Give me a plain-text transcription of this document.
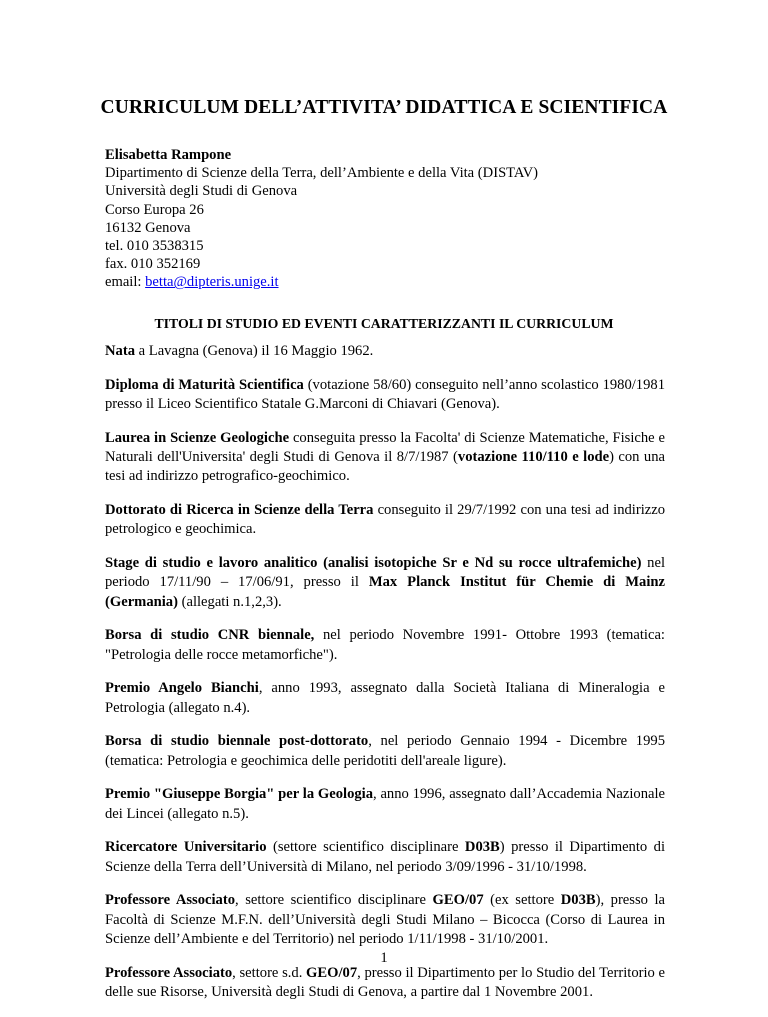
CURRICULUM DELL’ATTIVITA’ DIDATTICA E SCIENTIFICA
Elisabetta Rampone
Dipartimento di Scienze della Terra, dell’Ambiente e della Vita (DISTAV)
Università degli Studi di Genova
Corso Europa 26
16132 Genova
tel. 010 3538315
fax. 010 352169
email: betta@dipteris.unige.it
TITOLI DI STUDIO ED EVENTI CARATTERIZZANTI IL CURRICULUM

Nata a Lavagna (Genova) il 16 Maggio 1962.

Diploma di Maturità Scientifica (votazione 58/60) conseguito nell’anno scolastico 1980/1981 presso il Liceo Scientifico Statale G.Marconi di Chiavari (Genova).

Laurea in Scienze Geologiche conseguita presso la Facolta' di Scienze Matematiche, Fisiche e Naturali dell'Universita' degli Studi di Genova il 8/7/1987 (votazione 110/110 e lode) con una tesi ad indirizzo petrografico-geochimico.

Dottorato di Ricerca in Scienze della Terra conseguito il 29/7/1992 con una tesi ad indirizzo petrologico e geochimica.

Stage di studio e lavoro analitico (analisi isotopiche Sr e Nd su rocce ultrafemiche) nel periodo 17/11/90 – 17/06/91, presso il Max Planck Institut für Chemie di Mainz (Germania) (allegati n.1,2,3).

Borsa di studio CNR biennale, nel periodo Novembre 1991- Ottobre 1993 (tematica: "Petrologia delle rocce metamorfiche").

Premio Angelo Bianchi, anno 1993, assegnato dalla Società Italiana di Mineralogia e Petrologia (allegato n.4).

Borsa di studio biennale post-dottorato, nel periodo Gennaio 1994 - Dicembre 1995 (tematica: Petrologia e geochimica delle peridotiti dell'areale ligure).

Premio "Giuseppe Borgia" per la Geologia, anno 1996, assegnato dall’Accademia Nazionale dei Lincei (allegato n.5).

Ricercatore Universitario (settore scientifico disciplinare D03B) presso il Dipartimento di Scienze della Terra dell’Università di Milano, nel periodo 3/09/1996 - 31/10/1998.

Professore Associato, settore scientifico disciplinare GEO/07 (ex settore D03B), presso la Facoltà di Scienze M.F.N. dell’Università degli Studi Milano – Bicocca (Corso di Laurea in Scienze dell’Ambiente e del Territorio) nel periodo 1/11/1998 - 31/10/2001.

Professore Associato, settore s.d. GEO/07, presso il Dipartimento per lo Studio del Territorio e delle sue Risorse, Università degli Studi di Genova, a partire dal 1 Novembre 2001.

1
